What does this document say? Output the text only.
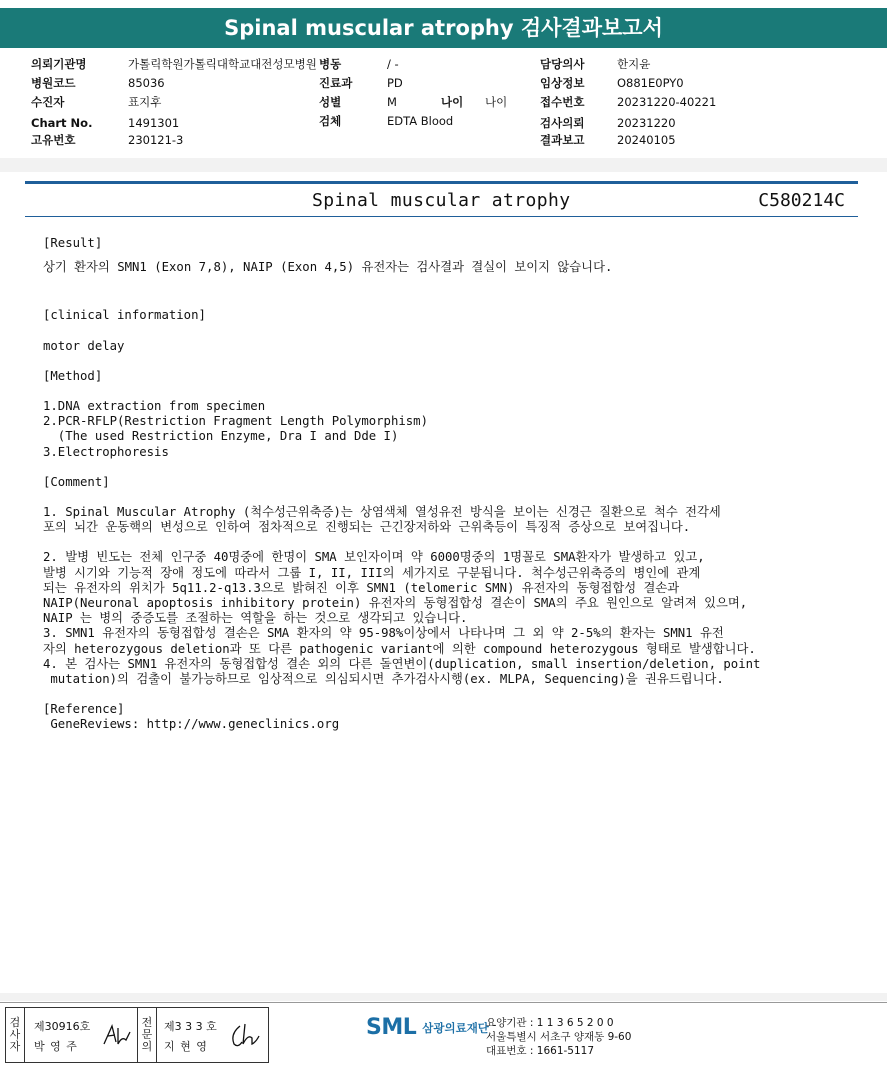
Spinal muscular atrophy 검사결과보고서
의뢰기관명	가톨릭학원가톨릭대학교대전성모병원 병동	/ -	담당의사	한지윤
병원코드	85036	진료과	PD	임상정보	O881E0PY0
수진자	표지후	성별	M	나이 나이	접수번호	20231220-40221
Chart No.	1491301	검체	EDTA Blood	검사의뢰	20231220
고유번호	230121-3	결과보고	20240105
Spinal muscular atrophy	C580214C
[Result]
상기 환자의 SMN1 (Exon 7,8), NAIP (Exon 4,5) 유전자는 검사결과 결실이 보이지 않습니다.
[clinical information]
motor delay
[Method]
1.DNA extraction from specimen
2.PCR-RFLP(Restriction Fragment Length Polymorphism)
(The used Restriction Enzyme, Dra I and Dde I)
3.Electrophoresis
[Comment]
1. Spinal Muscular Atrophy (척수성근위축증)는 상염색체 열성유전 방식을 보이는 신경근 질환으로 척수 전각세
포의 뇌간 운동핵의 변성으로 인하여 점차적으로 진행되는 근긴장저하와 근위축등이 특징적 증상으로 보여집니다.
2. 발병 빈도는 전체 인구중 40명중에 한명이 SMA 보인자이며 약 6000명중의 1명꼴로 SMA환자가 발생하고 있고,
발병 시기와 기능적 장애 정도에 따라서 그룹 I, II, III의 세가지로 구분됩니다. 척수성근위축증의 병인에 관계
되는 유전자의 위치가 5q11.2-q13.3으로 밝혀진 이후 SMN1 (telomeric SMN) 유전자의 동형접합성 결손과
NAIP(Neuronal apoptosis inhibitory protein) 유전자의 동형접합성 결손이 SMA의 주요 원인으로 알려져 있으며,
NAIP 는 병의 중증도를 조절하는 역할을 하는 것으로 생각되고 있습니다.
3. SMN1 유전자의 동형접합성 결손은 SMA 환자의 약 95-98%이상에서 나타나며 그 외 약 2-5%의 환자는 SMN1 유전
자의 heterozygous deletion과 또 다른 pathogenic variant에 의한 compound heterozygous 형태로 발생합니다.
4. 본 검사는 SMN1 유전자의 동형접합성 결손 외의 다른 돌연변이(duplication, small insertion/deletion, point
mutation)의 검출이 불가능하므로 임상적으로 의심되시면 추가검사시행(ex. MLPA, Sequencing)을 권유드립니다.
[Reference]
GeneReviews: http://www.geneclinics.org
검
사
자
제30916호
박 영 주
전
문
의
제3 3 3 호
지 현 영
SML 삼광의료재단
요양기관 : 1 1 3 6 5 2 0 0
서울특별시 서초구 양재동 9-60
대표번호 : 1661-5117
